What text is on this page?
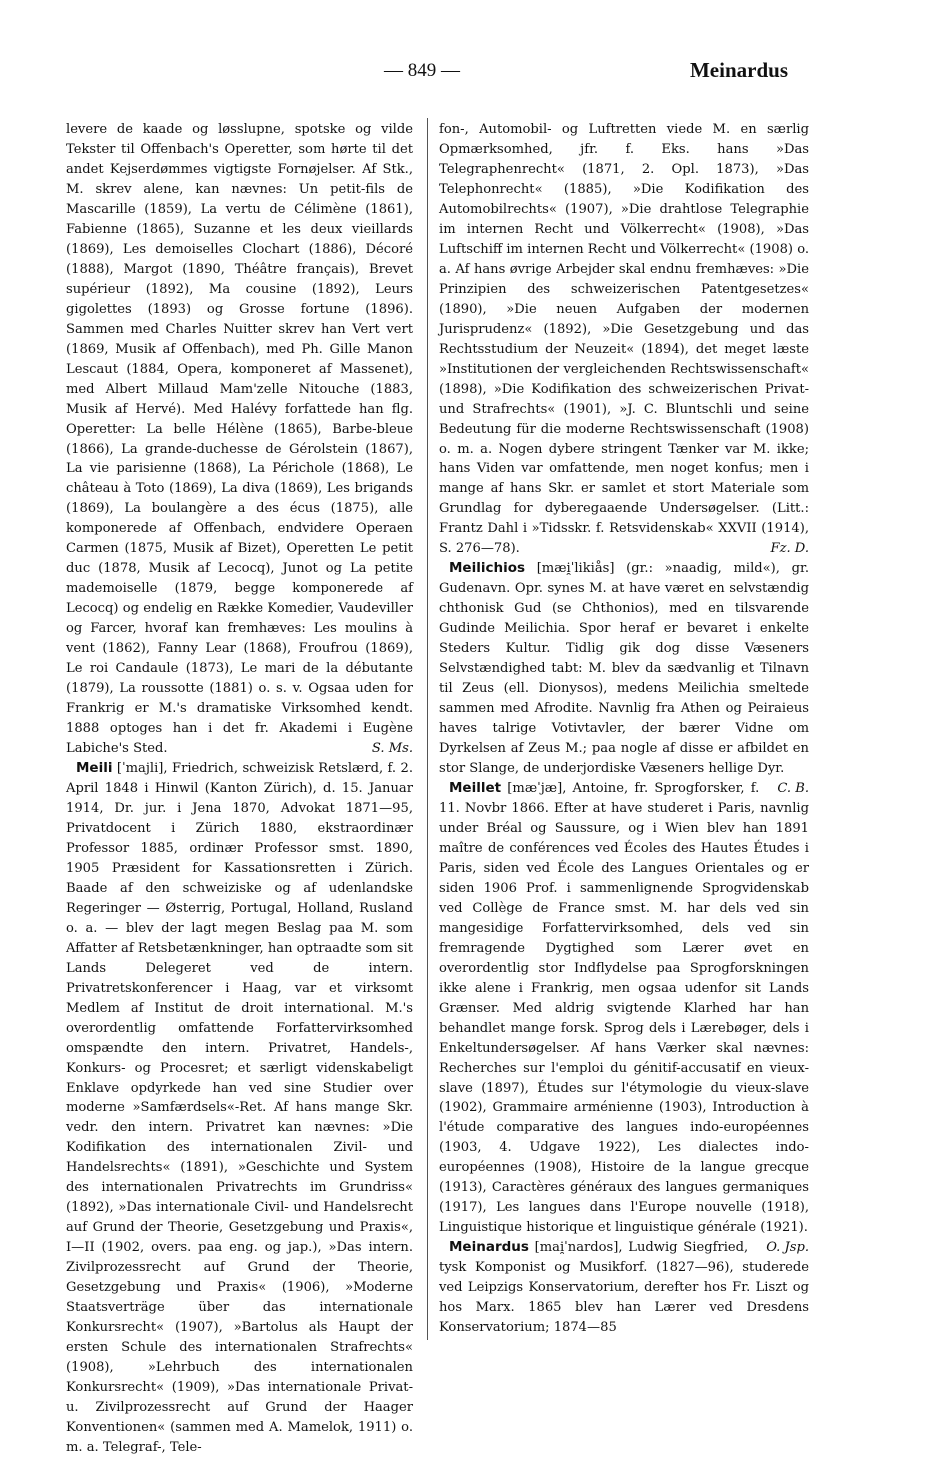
— 849 —	Meinardus

levere de kaade og løsslupne, spotske og vilde Tekster til Offenbach's Operetter, som hørte til det andet Kejserdømmes vigtigste Fornøjelser. Af Stk., M. skrev alene, kan nævnes: Un petit-fils de Mascarille (1859), La vertu de Célimène (1861), Fabienne (1865), Suzanne et les deux vieillards (1869), Les demoiselles Clochart (1886), Décoré (1888), Margot (1890, Théâtre français), Brevet supérieur (1892), Ma cousine (1892), Leurs gigolettes (1893) og Grosse fortune (1896). Sammen med Charles Nuitter skrev han Vert vert (1869, Musik af Offenbach), med Ph. Gille Manon Lescaut (1884, Opera, komponeret af Massenet), med Albert Millaud Mam'zelle Nitouche (1883, Musik af Hervé). Med Halévy forfattede han flg. Operetter: La belle Hélène (1865), Barbe-bleue (1866), La grande-duchesse de Gérolstein (1867), La vie parisienne (1868), La Périchole (1868), Le château à Toto (1869), La diva (1869), Les brigands (1869), La boulangère a des écus (1875), alle komponerede af Offenbach, endvidere Operaen Carmen (1875, Musik af Bizet), Operetten Le petit duc (1878, Musik af Lecocq), Junot og La petite mademoiselle (1879, begge komponerede af Lecocq) og endelig en Række Komedier, Vaudeviller og Farcer, hvoraf kan fremhæves: Les moulins à vent (1862), Fanny Lear (1868), Froufrou (1869), Le roi Candaule (1873), Le mari de la débutante (1879), La roussotte (1881) o. s. v. Ogsaa uden for Frankrig er M.'s dramatiske Virksomhed kendt. 1888 optoges han i det fr. Akademi i Eugène Labiche's Sted.	S. Ms.

Meili [ˈmajli], Friedrich, schweizisk Retslærd, f. 2. April 1848 i Hinwil (Kanton Zürich), d. 15. Januar 1914, Dr. jur. i Jena 1870, Advokat 1871—95, Privatdocent i Zürich 1880, ekstraordinær Professor 1885, ordinær Professor smst. 1890, 1905 Præsident for Kassationsretten i Zürich. Baade af den schweiziske og af udenlandske Regeringer — Østerrig, Portugal, Holland, Rusland o. a. — blev der lagt megen Beslag paa M. som Affatter af Retsbetænkninger, han optraadte som sit Lands Delegeret ved de intern. Privatretskonferencer i Haag, var et virksomt Medlem af Institut de droit international. M.'s overordentlig omfattende Forfattervirksomhed omspændte den intern. Privatret, Handels-, Konkurs- og Procesret; et særligt videnskabeligt Enklave opdyrkede han ved sine Studier over moderne »Samfærdsels«-Ret. Af hans mange Skr. vedr. den intern. Privatret kan nævnes: »Die Kodifikation des internationalen Zivil- und Handelsrechts« (1891), »Geschichte und System des internationalen Privatrechts im Grundriss« (1892), »Das internationale Civil- und Handelsrecht auf Grund der Theorie, Gesetzgebung und Praxis«, I—II (1902, overs. paa eng. og jap.), »Das intern. Zivilprozessrecht auf Grund der Theorie, Gesetzgebung und Praxis« (1906), »Moderne Staatsverträge über das internationale Konkursrecht« (1907), »Bartolus als Haupt der ersten Schule des internationalen Strafrechts« (1908), »Lehrbuch des internationalen Konkursrecht« (1909), »Das internationale Privat- u. Zivilprozessrecht auf Grund der Haager Konventionen« (sammen med A. Mamelok, 1911) o. m. a. Telegraf-, Tele-

fon-, Automobil- og Luftretten viede M. en særlig Opmærksomhed, jfr. f. Eks. hans »Das Telegraphenrecht« (1871, 2. Opl. 1873), »Das Telephonrecht« (1885), »Die Kodifikation des Automobilrechts« (1907), »Die drahtlose Telegraphie im internen Recht und Völkerrecht« (1908), »Das Luftschiff im internen Recht und Völkerrecht« (1908) o. a. Af hans øvrige Arbejder skal endnu fremhæves: »Die Prinzipien des schweizerischen Patentgesetzes« (1890), »Die neuen Aufgaben der modernen Jurisprudenz« (1892), »Die Gesetzgebung und das Rechtsstudium der Neuzeit« (1894), det meget læste »Institutionen der vergleichenden Rechtswissenschaft« (1898), »Die Kodifikation des schweizerischen Privat- und Strafrechts« (1901), »J. C. Bluntschli und seine Bedeutung für die moderne Rechtswissenschaft (1908) o. m. a. Nogen dybere stringent Tænker var M. ikke; hans Viden var omfattende, men noget konfus; men i mange af hans Skr. er samlet et stort Materiale som Grundlag for dyberegaaende Undersøgelser. (Litt.: Frantz Dahl i »Tidsskr. f. Retsvidenskab« XXVII (1914), S. 276—78).	Fz. D.

Meilichios [mæi̯ˈlikiås] (gr.: »naadig, mild«), gr. Gudenavn. Opr. synes M. at have været en selvstændig chthonisk Gud (se Chthonios), med en tilsvarende Gudinde Meilichia. Spor heraf er bevaret i enkelte Steders Kultur. Tidlig gik dog disse Væseners Selvstændighed tabt: M. blev da sædvanlig et Tilnavn til Zeus (ell. Dionysos), medens Meilichia smeltede sammen med Afrodite. Navnlig fra Athen og Peiraieus haves talrige Votivtavler, der bærer Vidne om Dyrkelsen af Zeus M.; paa nogle af disse er afbildet en stor Slange, de underjordiske Væseners hellige Dyr.
C. B.

Meillet [mæˈjæ], Antoine, fr. Sprogforsker, f. 11. Novbr 1866. Efter at have studeret i Paris, navnlig under Bréal og Saussure, og i Wien blev han 1891 maître de conférences ved Écoles des Hautes Études i Paris, siden ved École des Langues Orientales og er siden 1906 Prof. i sammenlignende Sprogvidenskab ved Collège de France smst. M. har dels ved sin mangesidige Forfattervirksomhed, dels ved sin fremragende Dygtighed som Lærer øvet en overordentlig stor Indflydelse paa Sprogforskningen ikke alene i Frankrig, men ogsaa udenfor sit Lands Grænser. Med aldrig svigtende Klarhed har han behandlet mange forsk. Sprog dels i Lærebøger, dels i Enkeltundersøgelser. Af hans Værker skal nævnes: Recherches sur l'emploi du génitif-accusatif en vieux-slave (1897), Études sur l'étymologie du vieux-slave (1902), Grammaire arménienne (1903), Introduction à l'étude comparative des langues indo-européennes (1903, 4. Udgave 1922), Les dialectes indo-européennes (1908), Histoire de la langue grecque (1913), Caractères généraux des langues germaniques (1917), Les langues dans l'Europe nouvelle (1918), Linguistique historique et linguistique générale (1921).
O. Jsp.

Meinardus [mai̯ˈnardos], Ludwig Siegfried, tysk Komponist og Musikforf. (1827—96), studerede ved Leipzigs Konservatorium, derefter hos Fr. Liszt og hos Marx. 1865 blev han Lærer ved Dresdens Konservatorium; 1874—85
